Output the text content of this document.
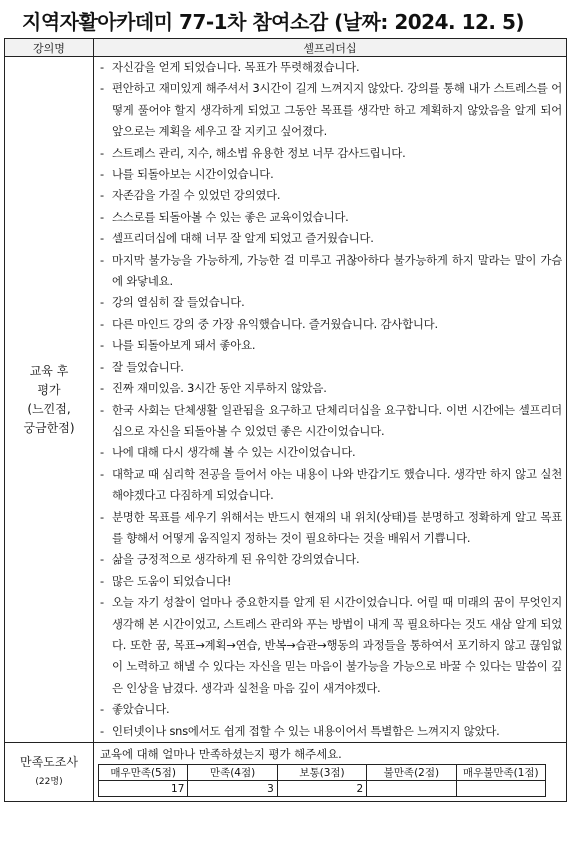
지역자활아카데미 77-1차 참여소감 (날짜: 2024. 12. 5)
강의명	셀프리더십

교육 후
평가
(느낀점,
궁금한점)

- 자신감을 얻게 되었습니다. 목표가 뚜렷해졌습니다.
- 편안하고 재미있게 해주셔서 3시간이 길게 느껴지지 않았다. 강의를 통해 내가 스트레스를 어떻게 풀어야 할지 생각하게 되었고 그동안 목표를 생각만 하고 계획하지 않았음을 알게 되어 앞으로는 계획을 세우고 잘 지키고 싶어졌다.
- 스트레스 관리, 지수, 해소법 유용한 정보 너무 감사드립니다.
- 나를 되돌아보는 시간이었습니다.
- 자존감을 가질 수 있었던 강의였다.
- 스스로를 되돌아볼 수 있는 좋은 교육이었습니다.
- 셀프리더십에 대해 너무 잘 알게 되었고 즐거웠습니다.
- 마지막 불가능을 가능하게, 가능한 걸 미루고 귀찮아하다 불가능하게 하지 말라는 말이 가슴에 와닿네요.
- 강의 열심히 잘 들었습니다.
- 다른 마인드 강의 중 가장 유익했습니다. 즐거웠습니다. 감사합니다.
- 나를 되돌아보게 돼서 좋아요.
- 잘 들었습니다.
- 진짜 재미있음. 3시간 동안 지루하지 않았음.
- 한국 사회는 단체생활 일관됨을 요구하고 단체리더십을 요구합니다. 이번 시간에는 셀프리더십으로 자신을 되돌아볼 수 있었던 좋은 시간이었습니다.
- 나에 대해 다시 생각해 볼 수 있는 시간이었습니다.
- 대학교 때 심리학 전공을 들어서 아는 내용이 나와 반갑기도 했습니다. 생각만 하지 않고 실천해야겠다고 다짐하게 되었습니다.
- 분명한 목표를 세우기 위해서는 반드시 현재의 내 위치(상태)를 분명하고 정확하게 알고 목표를 향해서 어떻게 움직일지 정하는 것이 필요하다는 것을 배워서 기쁩니다.
- 삶을 긍정적으로 생각하게 된 유익한 강의였습니다.
- 많은 도움이 되었습니다!
- 오늘 자기 성찰이 얼마나 중요한지를 알게 된 시간이었습니다. 어릴 때 미래의 꿈이 무엇인지 생각해 본 시간이었고, 스트레스 관리와 푸는 방법이 내게 꼭 필요하다는 것도 새삼 알게 되었다. 또한 꿈, 목표→계획→연습, 반복→습관→행동의 과정들을 통하여서 포기하지 않고 끊임없이 노력하고 해낼 수 있다는 자신을 믿는 마음이 불가능을 가능으로 바꿀 수 있다는 말씀이 깊은 인상을 남겼다. 생각과 실천을 마음 깊이 새겨야겠다.
- 좋았습니다.
- 인터넷이나 sns에서도 쉽게 접할 수 있는 내용이어서 특별함은 느껴지지 않았다.

만족도조사
(22명)

교육에 대해 얼마나 만족하셨는지 평가 해주세요.
매우만족(5점)	만족(4점)	보통(3점)	불만족(2점)	매우불만족(1점)
17	3	2		
